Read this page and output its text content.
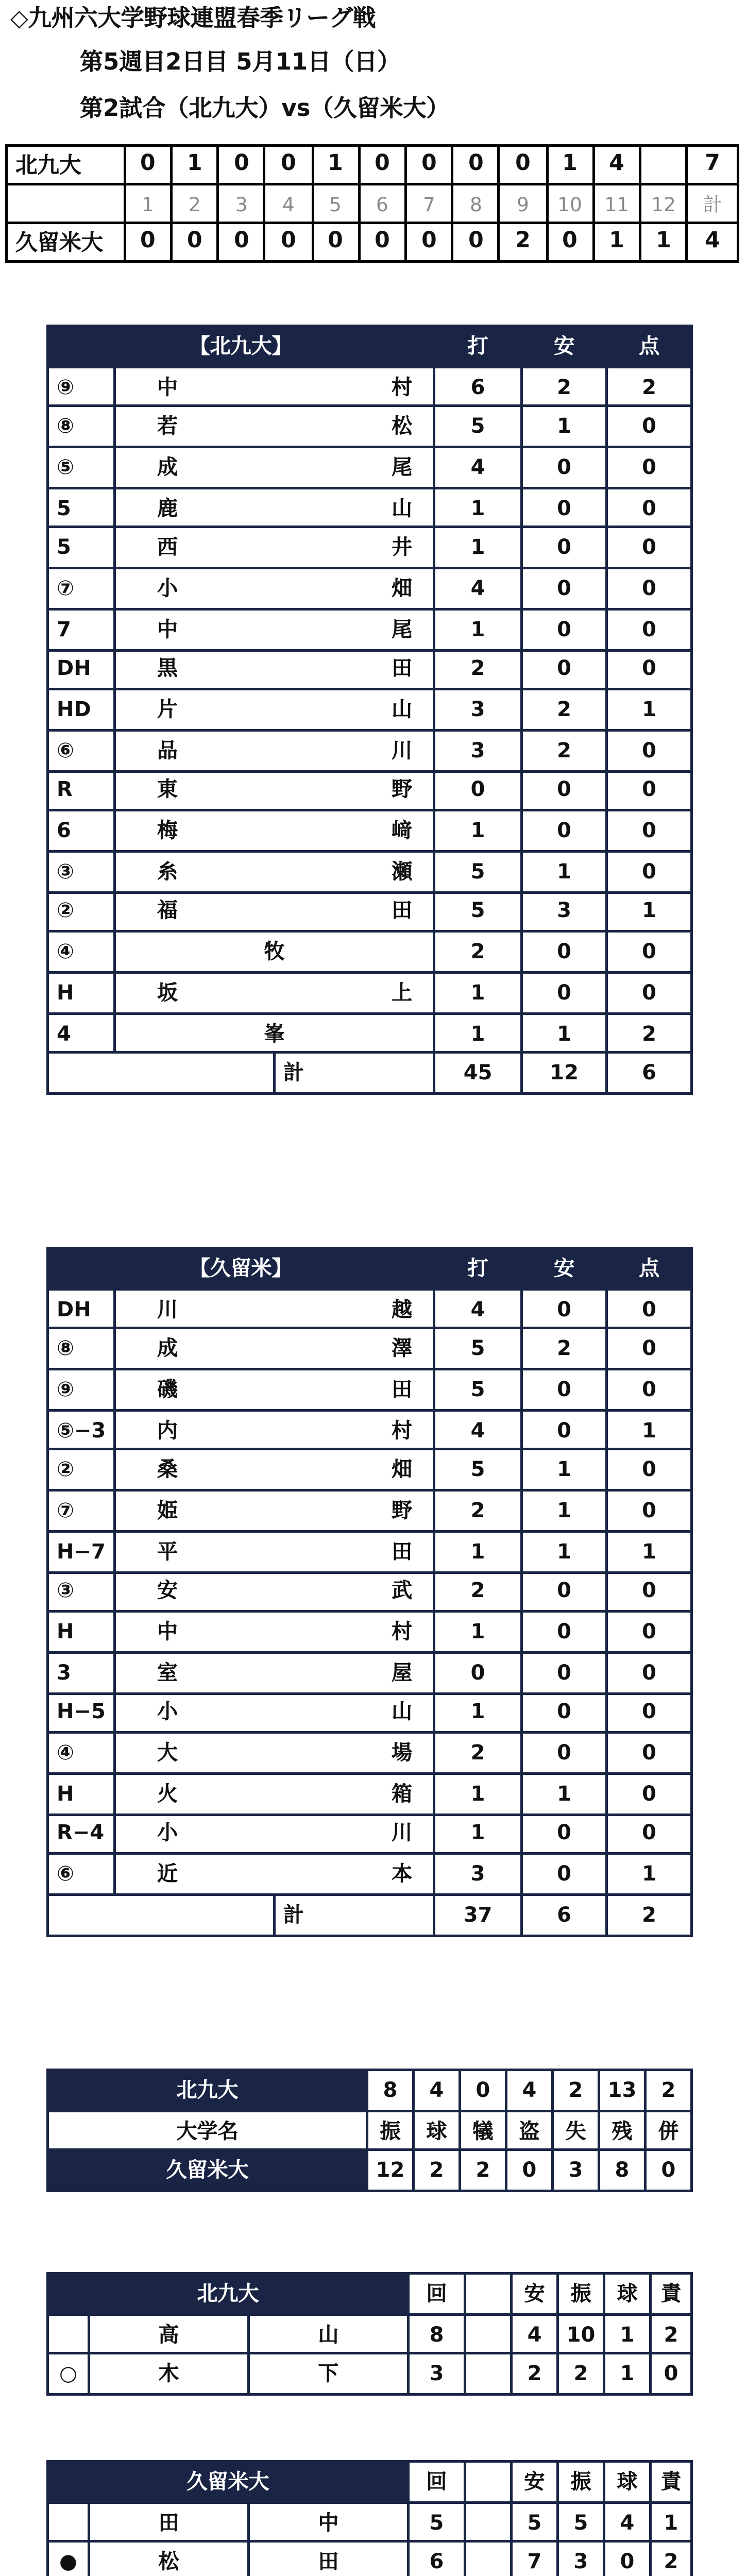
◇九州六大学野球連盟春季リーグ戦
第5週目2日目 5月11日（日）
第2試合（北九大）vs（久留米大）
北九大	0	1	0	0	1	0	0	0	0	1	4		7
	1	2	3	4	5	6	7	8	9	10	11	12	計
久留米大	0	0	0	0	0	0	0	0	2	0	1	1	4
【北九大】			打	安	点
⑨	中	村	6	2	2
⑧	若	松	5	1	0
⑤	成	尾	4	0	0
5	鹿	山	1	0	0
5	西	井	1	0	0
⑦	小	畑	4	0	0
7	中	尾	1	0	0
DH	黒	田	2	0	0
HD	片	山	3	2	1
⑥	品	川	3	2	0
R	東	野	0	0	0
6	梅	﨑	1	0	0
③	糸	瀬	5	1	0
②	福	田	5	3	1
④	牧		2	0	0
H	坂	上	1	0	0
4	峯		1	1	2
		計	45	12	6
【久留米】			打	安	点
DH	川	越	4	0	0
⑧	成	澤	5	2	0
⑨	磯	田	5	0	0
⑤−3	内	村	4	0	1
②	桑	畑	5	1	0
⑦	姫	野	2	1	0
H−7	平	田	1	1	1
③	安	武	2	0	0
H	中	村	1	0	0
3	室	屋	0	0	0
H−5	小	山	1	0	0
④	大	場	2	0	0
H	火	箱	1	1	0
R−4	小	川	1	0	0
⑥	近	本	3	0	1
		計	37	6	2
北九大	8	4	0	4	2	13	2
大学名	振	球	犠	盗	失	残	併
久留米大	12	2	2	0	3	8	0
北九大			回		安	振	球	責
	高	山	8		4	10	1	2
○	木	下	3		2	2	1	0
久留米大			回		安	振	球	責
	田	中	5		5	5	4	1
●	松	田	6		7	3	0	2
